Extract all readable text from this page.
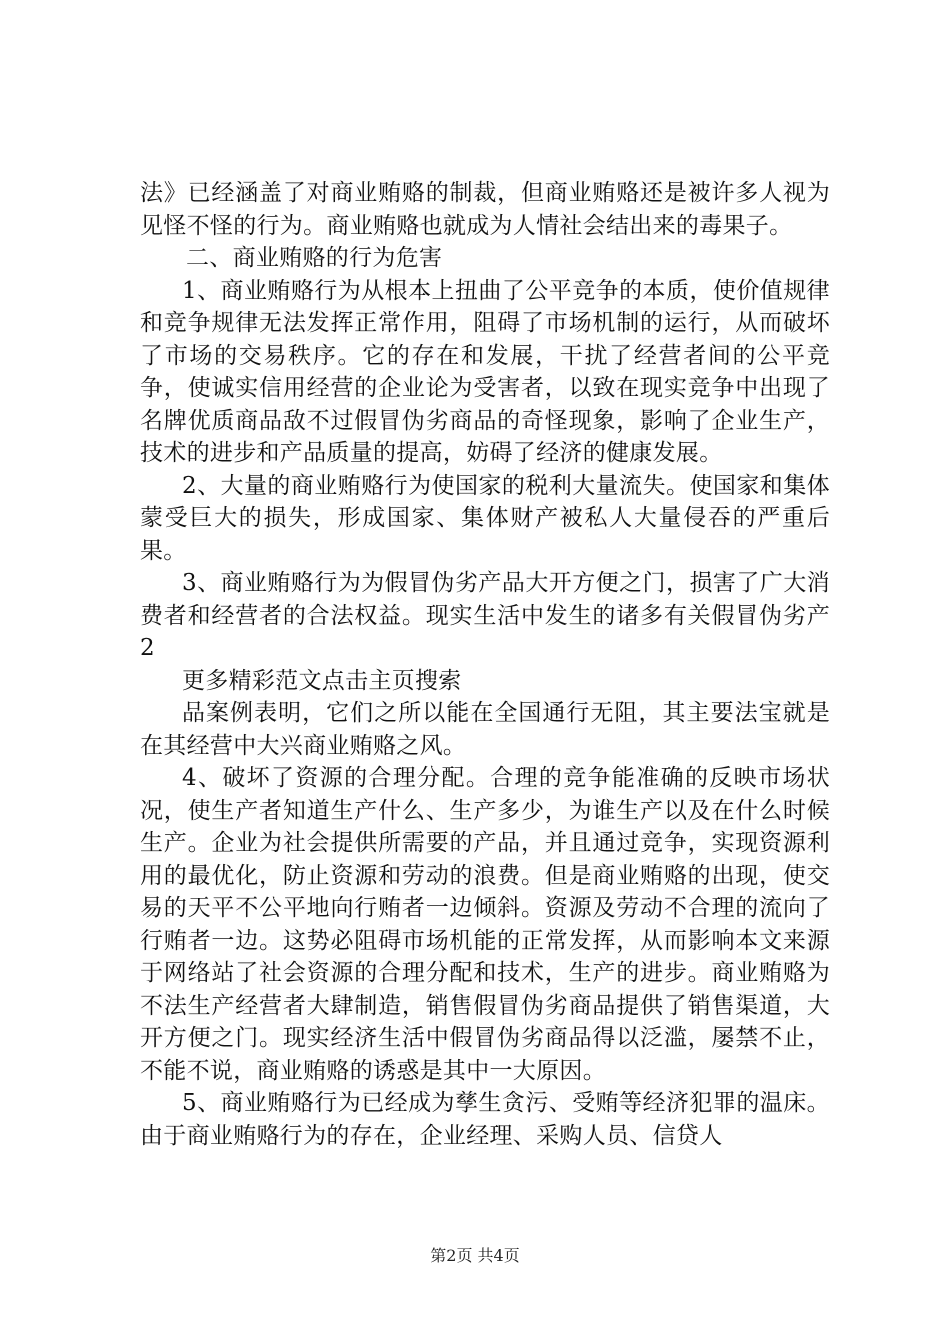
法》已经涵盖了对商业贿赂的制裁，但商业贿赂还是被许多人视为见怪不怪的行为。商业贿赂也就成为人情社会结出来的毒果子。

二、商业贿赂的行为危害

1、商业贿赂行为从根本上扭曲了公平竞争的本质，使价值规律和竞争规律无法发挥正常作用，阻碍了市场机制的运行，从而破坏了市场的交易秩序。它的存在和发展，干扰了经营者间的公平竞争，使诚实信用经营的企业论为受害者，以致在现实竞争中出现了名牌优质商品敌不过假冒伪劣商品的奇怪现象，影响了企业生产，技术的进步和产品质量的提高，妨碍了经济的健康发展。

2、大量的商业贿赂行为使国家的税利大量流失。使国家和集体蒙受巨大的损失，形成国家、集体财产被私人大量侵吞的严重后果。

3、商业贿赂行为为假冒伪劣产品大开方便之门，损害了广大消费者和经营者的合法权益。现实生活中发生的诸多有关假冒伪劣产2

更多精彩范文点击主页搜索

品案例表明，它们之所以能在全国通行无阻，其主要法宝就是在其经营中大兴商业贿赂之风。

4、破坏了资源的合理分配。合理的竞争能准确的反映市场状况，使生产者知道生产什么、生产多少，为谁生产以及在什么时候生产。企业为社会提供所需要的产品，并且通过竞争，实现资源利用的最优化，防止资源和劳动的浪费。但是商业贿赂的出现，使交易的天平不公平地向行贿者一边倾斜。资源及劳动不合理的流向了行贿者一边。这势必阻碍市场机能的正常发挥，从而影响本文来源于网络站了社会资源的合理分配和技术，生产的进步。商业贿赂为不法生产经营者大肆制造，销售假冒伪劣商品提供了销售渠道，大开方便之门。现实经济生活中假冒伪劣商品得以泛滥，屡禁不止，不能不说，商业贿赂的诱惑是其中一大原因。

5、商业贿赂行为已经成为孳生贪污、受贿等经济犯罪的温床。由于商业贿赂行为的存在，企业经理、采购人员、信贷人

第2页 共4页
